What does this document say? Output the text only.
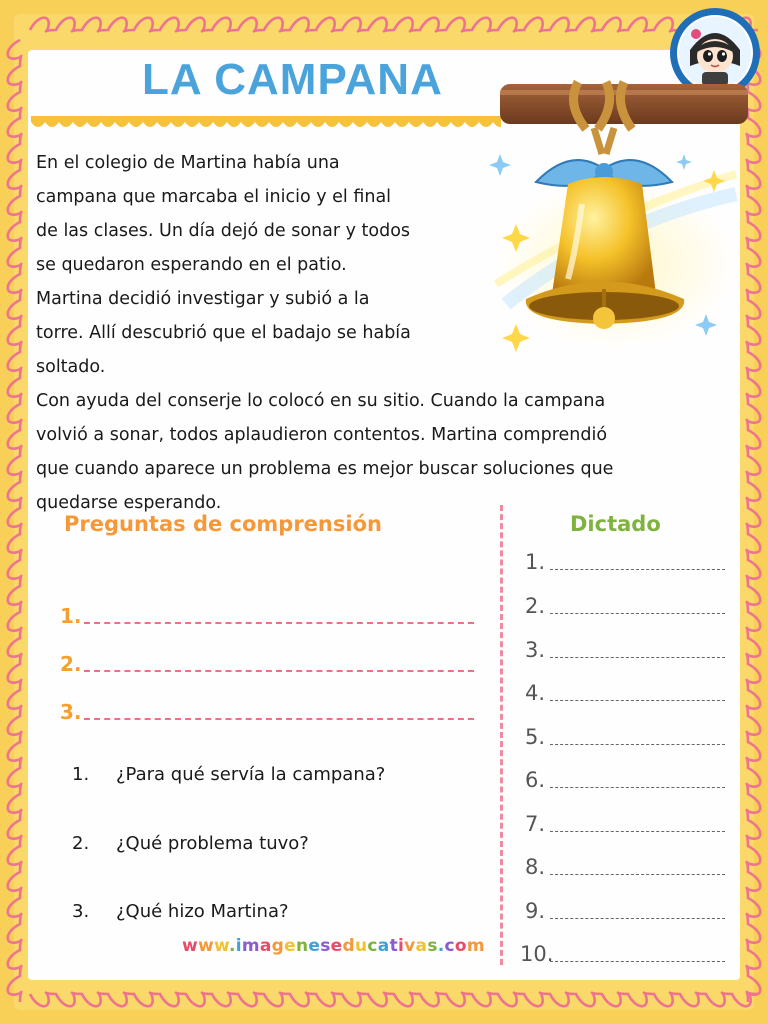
LA CAMPANA
En el colegio de Martina había una
campana que marcaba el inicio y el final
de las clases. Un día dejó de sonar y todos
se quedaron esperando en el patio.
Martina decidió investigar y subió a la
torre. Allí descubrió que el badajo se había
soltado.
Con ayuda del conserje lo colocó en su sitio. Cuando la campana
volvió a sonar, todos aplaudieron contentos. Martina comprendió
que cuando aparece un problema es mejor buscar soluciones que
quedarse esperando.
Preguntas de comprensión
1.
2.
3.
1. ¿Para qué servía la campana?
2. ¿Qué problema tuvo?
3. ¿Qué hizo Martina?
Dictado
1.
2.
3.
4.
5.
6.
7.
8.
9.
10.

www.imageneseducativas.com
